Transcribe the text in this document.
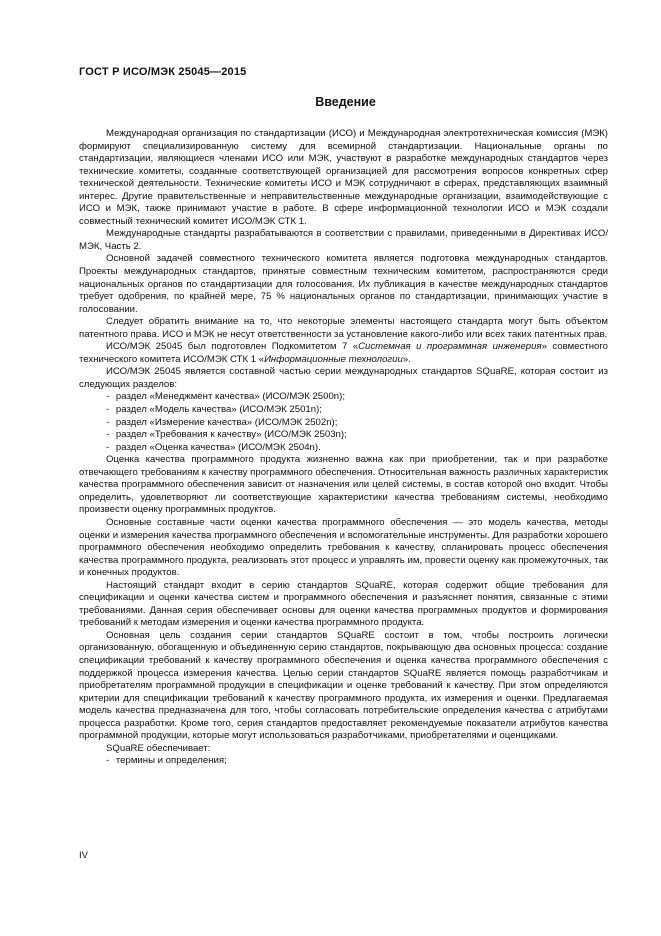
ГОСТ Р ИСО/МЭК 25045—2015
Введение

Международная организация по стандартизации (ИСО) и Международная электротехническая комиссия (МЭК) формируют специализированную систему для всемирной стандартизации. Национальные органы по стандартизации, являющиеся членами ИСО или МЭК, участвуют в разработке международных стандартов через технические комитеты, созданные соответствующей организацией для рассмотрения вопросов конкретных сфер технической деятельности. Технические комитеты ИСО и МЭК сотрудничают в сферах, представляющих взаимный интерес. Другие правительственные и неправительственные международные организации, взаимодействующие с ИСО и МЭК, также принимают участие в работе. В сфере информационной технологии ИСО и МЭК создали совместный технический комитет ИСО/МЭК СТК 1.

Международные стандарты разрабатываются в соответствии с правилами, приведенными в Директивах ИСО/МЭК, Часть 2.

Основной задачей совместного технического комитета является подготовка международных стандартов. Проекты международных стандартов, принятые совместным техническим комитетом, распространяются среди национальных органов по стандартизации для голосования. Их публикация в качестве международных стандартов требует одобрения, по крайней мере, 75 % национальных органов по стандартизации, принимающих участие в голосовании.

Следует обратить внимание на то, что некоторые элементы настоящего стандарта могут быть объектом патентного права. ИСО и МЭК не несут ответственности за установление какого-либо или всех таких патентных прав.

ИСО/МЭК 25045 был подготовлен Подкомитетом 7 «Системная и программная инженерия» совместного технического комитета ИСО/МЭК СТК 1 «Информационные технологии».

ИСО/МЭК 25045 является составной частью серии международных стандартов SQuaRE, которая состоит из следующих разделов:

- раздел «Менеджмент качества» (ИСО/МЭК 2500n);
- раздел «Модель качества» (ИСО/МЭК 2501n);
- раздел «Измерение качества» (ИСО/МЭК 2502n);
- раздел «Требования к качеству» (ИСО/МЭК 2503n);
- раздел «Оценка качества» (ИСО/МЭК 2504n).

Оценка качества программного продукта жизненно важна как при приобретении, так и при разработке отвечающего требованиям к качеству программного обеспечения. Относительная важность различных характеристик качества программного обеспечения зависит от назначения или целей системы, в состав которой оно входит. Чтобы определить, удовлетворяют ли соответствующие характеристики качества требованиям системы, необходимо произвести оценку программных продуктов.

Основные составные части оценки качества программного обеспечения — это модель качества, методы оценки и измерения качества программного обеспечения и вспомогательные инструменты. Для разработки хорошего программного обеспечения необходимо определить требования к качеству, спланировать процесс обеспечения качества программного продукта, реализовать этот процесс и управлять им, провести оценку как промежуточных, так и конечных продуктов.

Настоящий стандарт входит в серию стандартов SQuaRE, которая содержит общие требования для спецификации и оценки качества систем и программного обеспечения и разъясняет понятия, связанные с этими требованиями. Данная серия обеспечивает основы для оценки качества программных продуктов и формирования требований к методам измерения и оценки качества программного продукта.

Основная цель создания серии стандартов SQuaRE состоит в том, чтобы построить логически организованную, обогащенную и объединенную серию стандартов, покрывающую два основных процесса: создание спецификации требований к качеству программного обеспечения и оценка качества программного обеспечения с поддержкой процесса измерения качества. Целью серии стандартов SQuaRE является помощь разработчикам и приобретателям программной продукции в спецификации и оценке требований к качеству. При этом определяются критерии для спецификации требований к качеству программного продукта, их измерения и оценки. Предлагаемая модель качества предназначена для того, чтобы согласовать потребительские определения качества с атрибутами процесса разработки. Кроме того, серия стандартов предоставляет рекомендуемые показатели атрибутов качества программной продукции, которые могут использоваться разработчиками, приобретателями и оценщиками.

SQuaRE обеспечивает:

- термины и определения;
IV
